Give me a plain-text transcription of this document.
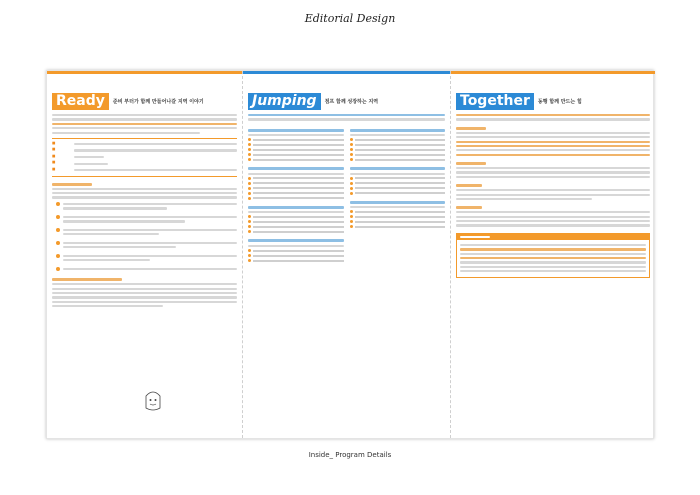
Editorial Design
Ready	준비 부터가 함께 만들어나갈 지역 이야기
■
■
■
■
■
Jumping	점프 함께 성장하는 지역	Together	동행 함께 만드는 힘
Inside_ Program Details
